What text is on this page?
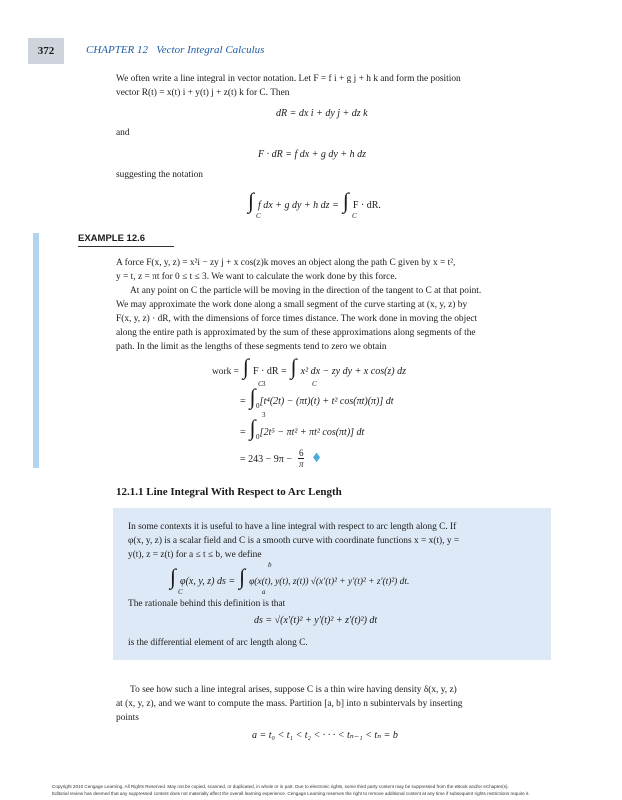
372	CHAPTER 12 Vector Integral Calculus
We often write a line integral in vector notation. Let F = f i + g j + h k and form the position
vector R(t) = x(t) i + y(t) j + z(t) k for C. Then
dR = dx i + dy j + dz k
and
F · dR = f dx + g dy + h dz
suggesting the notation
∫ f dx + g dy + h dz = ∫ F · dR.
C	C
EXAMPLE 12.6
A force F(x, y, z) = x²i − zy j + x cos(z)k moves an object along the path C given by x = t²,
y = t, z = πt for 0 ≤ t ≤ 3. We want to calculate the work done by this force.
At any point on C the particle will be moving in the direction of the tangent to C at that point.
We may approximate the work done along a small segment of the curve starting at (x, y, z) by
F(x, y, z) · dR, with the dimensions of force times distance. The work done in moving the object
along the entire path is approximated by the sum of these approximations along segments of the
path. In the limit as the lengths of these segments tend to zero we obtain
work = ∫ F · dR = ∫ x² dx − zy dy + x cos(z) dz
C	C
= ∫ [t⁴(2t) − (πt)(t) + t² cos(πt)(π)] dt
3
0
= ∫ [2t⁵ − πt² + πt² cos(πt)] dt
3
0
= $243 - 9\pi - \frac{6}{\pi}$ ♦
12.1.1 Line Integral With Respect to Arc Length
In some contexts it is useful to have a line integral with respect to arc length along C. If
φ(x, y, z) is a scalar field and C is a smooth curve with coordinate functions x = x(t), y =
y(t), z = z(t) for a ≤ t ≤ b, we define
∫ φ(x, y, z) ds = ∫ φ(x(t), y(t), z(t)) √(x′(t)² + y′(t)² + z′(t)²) dt.
C
b
a
The rationale behind this definition is that
ds = √(x′(t)² + y′(t)² + z′(t)²) dt
is the differential element of arc length along C.
To see how such a line integral arises, suppose C is a thin wire having density δ(x, y, z)
at (x, y, z), and we want to compute the mass. Partition [a, b] into n subintervals by inserting
points
a = t₀ < t₁ < t₂ < · · · < tₙ₋₁ < tₙ = b
Copyright 2010 Cengage Learning. All Rights Reserved. May not be copied, scanned, or duplicated, in whole or in part. Due to electronic rights, some third party content may be suppressed from the eBook and/or eChapter(s).
Editorial review has deemed that any suppressed content does not materially affect the overall learning experience. Cengage Learning reserves the right to remove additional content at any time if subsequent rights restrictions require it.
